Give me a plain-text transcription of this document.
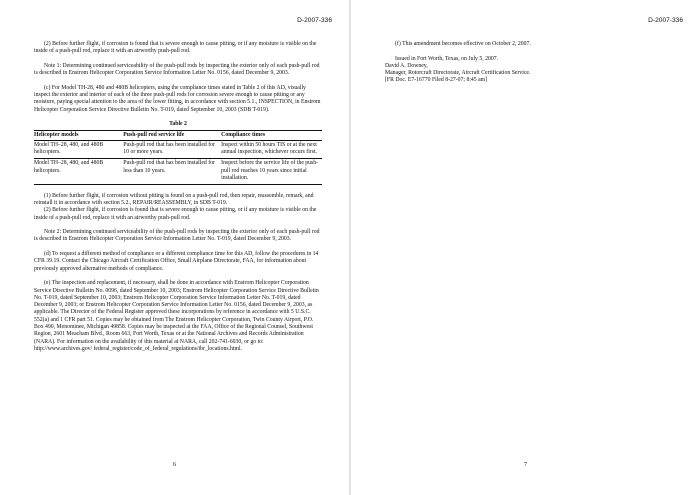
D-2007-336

(2) Before further flight, if corrosion is found that is severe enough to cause pitting, or if any moisture is visible on the inside of a push-pull rod, replace it with an airworthy push-pull rod.

Note 1: Determining continued serviceability of the push-pull rods by inspecting the exterior only of each push-pull rod is described in Enstrom Helicopter Corporation Service Information Letter No. 0156, dated December 9, 2003.

(c) For Model TH-28, 480 and 480B helicopters, using the compliance times stated in Table 2 of this AD, visually inspect the exterior and interior of each of the three push-pull rods for corrosion severe enough to cause pitting or any moisture, paying special attention to the area of the lower fitting, in accordance with section 5.1., INSPECTION, in Enstrom Helicopter Corporation Service Directive Bulletin No. T-019, dated September 10, 2003 (SDB T-019).

Table 2

Helicopter models	Push-pull rod service life	Compliance times
Model TH–28, 480, and 480B helicopters.	Push-pull rod that has been installed for 10 or more years.	Inspect within 50 hours TIS or at the next annual inspection, whichever occurs first.
Model TH–28, 480, and 480B helicopters.	Push-pull rod that has been installed for less than 10 years.	Inspect before the service life of the push-pull rod reaches 10 years since initial installation.

(1) Before further flight, if corrosion without pitting is found on a push-pull rod, then repair, reassemble, remark, and reinstall it in accordance with section 5.2., REPAIR/REASSEMBLY, in SDB T-019.

(2) Before further flight, if corrosion is found that is severe enough to cause pitting, or if any moisture is visible on the inside of a push-pull rod, replace it with an airworthy push-pull rod.

Note 2: Determining continued serviceability of the push-pull rods by inspecting the exterior only of each push-pull rod is described in Enstrom Helicopter Corporation Service Information Letter No. T-019, dated December 9, 2003.

(d) To request a different method of compliance or a different compliance time for this AD, follow the procedures in 14 CFR 39.19. Contact the Chicago Aircraft Certification Office, Small Airplane Directorate, FAA, for information about previously approved alternative methods of compliance.

(e) The inspection and replacement, if necessary, shall be done in accordance with Enstrom Helicopter Corporation Service Directive Bulletin No. 0096, dated September 10, 2003; Enstrom Helicopter Corporation Service Directive Bulletin No. T-019, dated September 10, 2003; Enstrom Helicopter Corporation Service Information Letter No. T-019, dated December 9, 2003; or Enstrom Helicopter Corporation Service Information Letter No. 0156, dated December 9, 2003, as applicable. The Director of the Federal Register approved these incorporations by reference in accordance with 5 U.S.C. 552(a) and 1 CFR part 51. Copies may be obtained from The Enstrom Helicopter Corporation, Twin County Airport, P.O. Box 490, Menominee, Michigan 49858. Copies may be inspected at the FAA, Office of the Regional Counsel, Southwest Region, 2601 Meacham Blvd., Room 663, Fort Worth, Texas or at the National Archives and Records Administration (NARA). For information on the availability of this material at NARA, call 202-741-6030, or go to: http://www.archives.gov/ federal_register/code_of_federal_regulations/ibr_locations.html.

6
D-2007-336

(f) This amendment becomes effective on October 2, 2007.

Issued in Fort Worth, Texas, on July 5, 2007.

David A. Downey,

Manager, Rotorcraft Directorate, Aircraft Certification Service.

[FR Doc. E7-16770 Filed 8-27-07; 8:45 am]

7
